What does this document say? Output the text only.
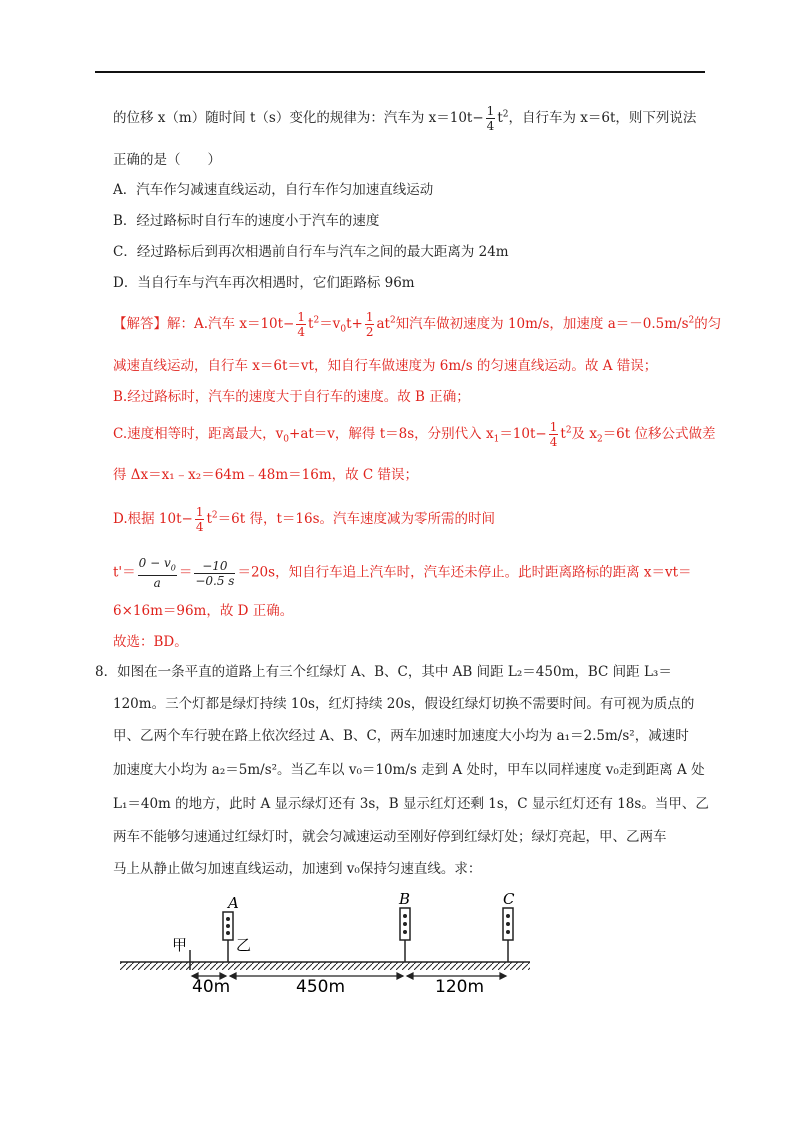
的位移 x（m）随时间 t（s）变化的规律为：汽车为 $x=10t- \frac{1}{4} t^2$，自行车为 x＝6t，则下列说法
正确的是（　　）
A．汽车作匀减速直线运动，自行车作匀加速直线运动
B．经过路标时自行车的速度小于汽车的速度
C．经过路标后到再次相遇前自行车与汽车之间的最大距离为 24m
D．当自行车与汽车再次相遇时，它们距路标 96m
【解答】解：A.汽车 $x=10t- \frac{1}{4} t^2=v_0t+ \frac{1}{2} at^2$知汽车做初速度为 10m/s，加速度 $a=-0.5m/s^2$的匀
减速直线运动，自行车 x＝6t＝vt，知自行车做速度为 6m/s 的匀速直线运动。故 A 错误；
B.经过路标时，汽车的速度大于自行车的速度。故 B 正确；
C.速度相等时，距离最大，$v_0+at=v$，解得 t＝8s，分别代入 $x_1=10t- \frac{1}{4} t^2$及 $x_2=6t$ 位移公式做差
得 Δx＝x₁﹣x₂＝64m﹣48m＝16m，故 C 错误；
D.根据 $10t- \frac{1}{4} t^2=6t$ 得，t＝16s。汽车速度减为零所需的时间
$t'= \frac{0 - v_0}{a} = \frac{-10}{-0.5 s} =20s$，知自行车追上汽车时，汽车还未停止。此时距离路标的距离 x＝vt＝
6×16m＝96m，故 D 正确。
故选：BD。
8．如图在一条平直的道路上有三个红绿灯 A、B、C，其中 AB 间距 L₂＝450m，BC 间距 L₃＝
120m。三个灯都是绿灯持续 10s，红灯持续 20s，假设红绿灯切换不需要时间。有可视为质点的
甲、乙两个车行驶在路上依次经过 A、B、C，两车加速时加速度大小均为 a₁＝2.5m/s²，减速时
加速度大小均为 a₂＝5m/s²。当乙车以 v₀＝10m/s 走到 A 处时，甲车以同样速度 v₀走到距离 A 处
L₁＝40m 的地方，此时 A 显示绿灯还有 3s，B 显示红灯还剩 1s，C 显示红灯还有 18s。当甲、乙
两车不能够匀速通过红绿灯时，就会匀减速运动至刚好停到红绿灯处；绿灯亮起，甲、乙两车
马上从静止做匀加速直线运动，加速到 v₀保持匀速直线。求：
A	B	C
甲	乙
40m	450m	120m
